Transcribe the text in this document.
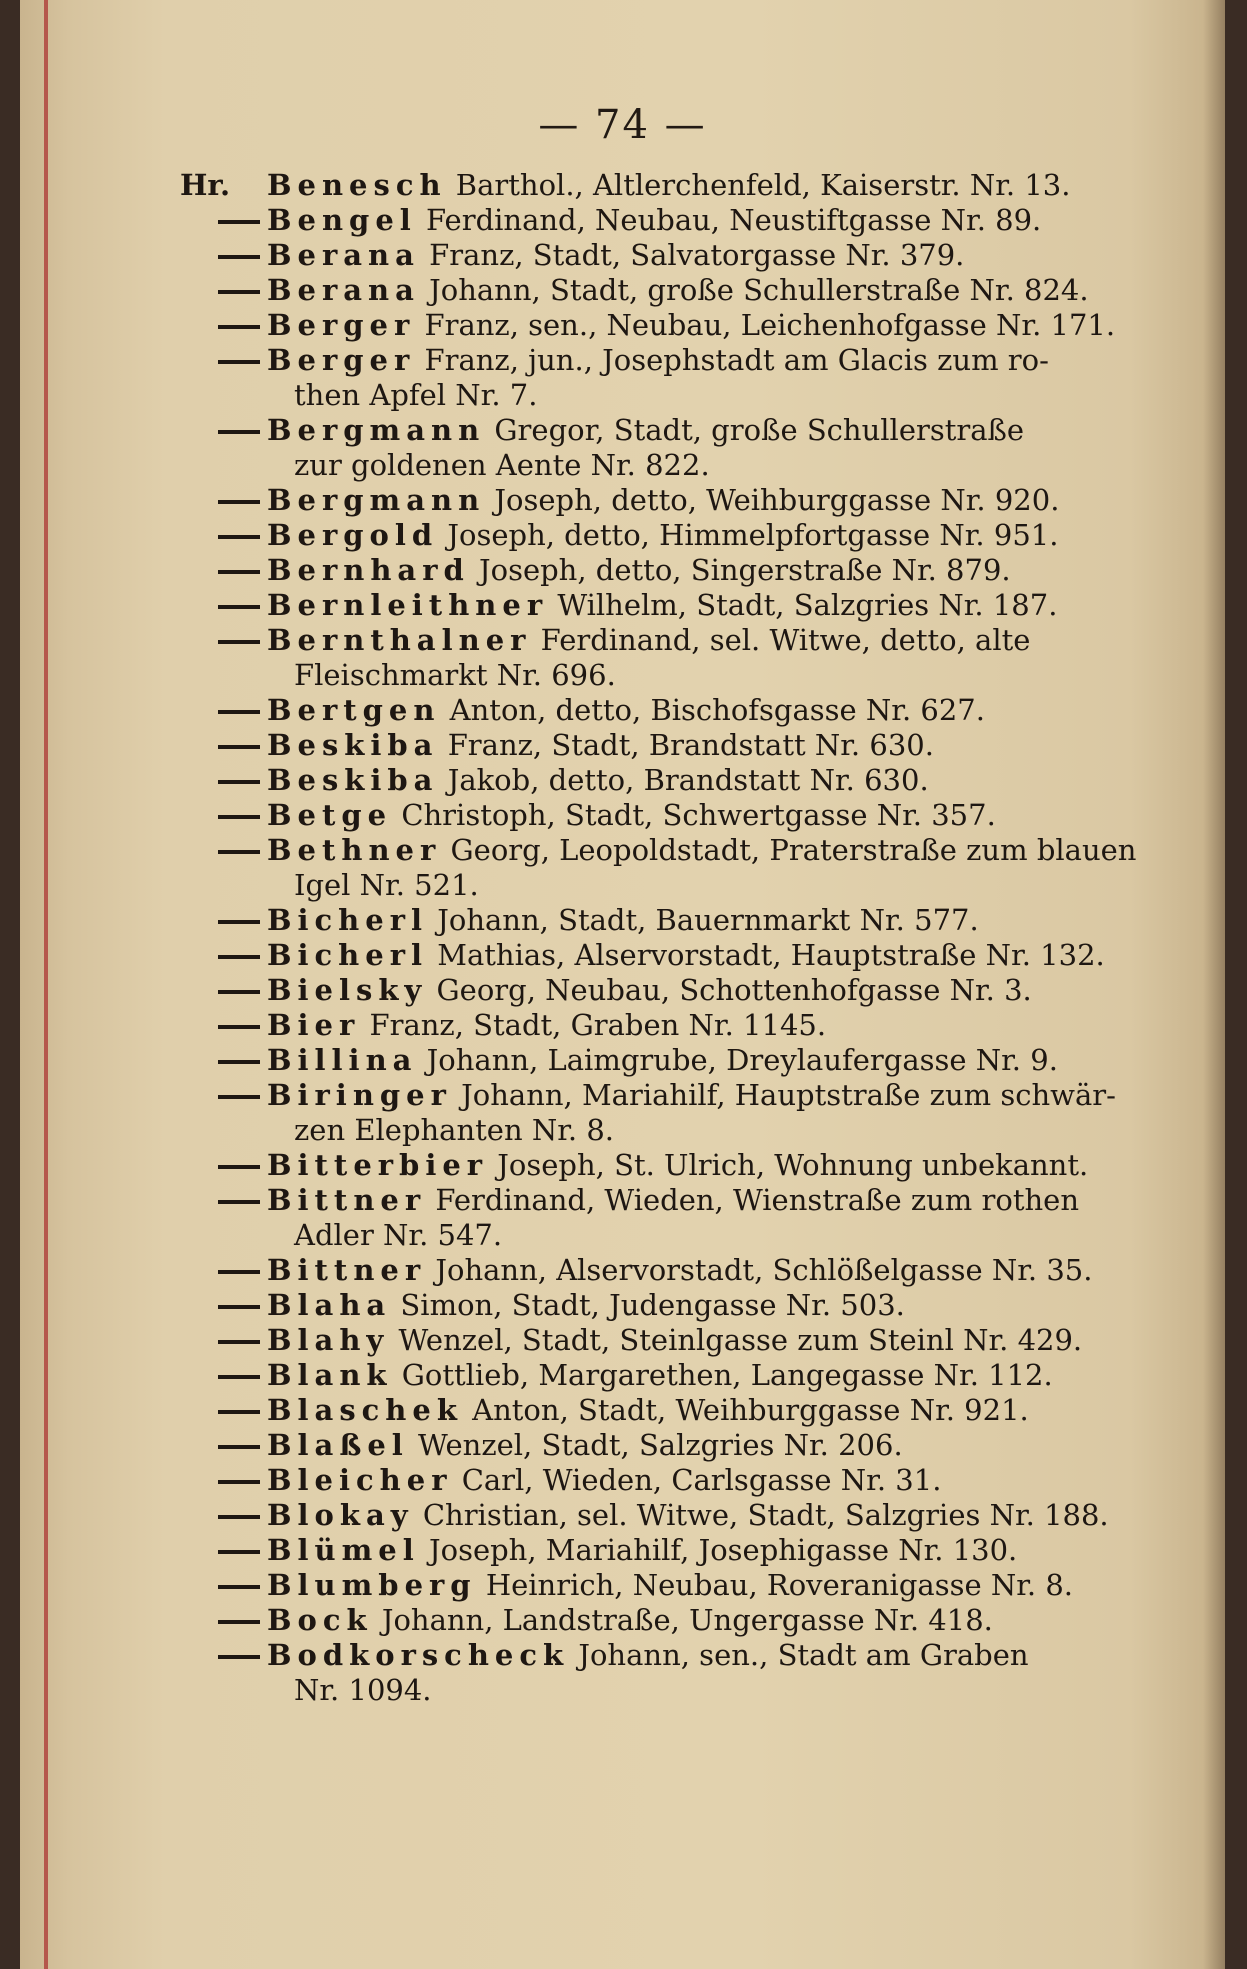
— 74 —
Hr.	Benesch Barthol., Altlerchenfeld, Kaiserstr. Nr. 13.
Bengel Ferdinand, Neubau, Neustiftgasse Nr. 89.
Berana Franz, Stadt, Salvatorgasse Nr. 379.
Berana Johann, Stadt, große Schullerstraße Nr. 824.
Berger Franz, sen., Neubau, Leichenhofgasse Nr. 171.
Berger Franz, jun., Josephstadt am Glacis zum ro-
then Apfel Nr. 7.
Bergmann Gregor, Stadt, große Schullerstraße
zur goldenen Aente Nr. 822.
Bergmann Joseph, detto, Weihburggasse Nr. 920.
Bergold Joseph, detto, Himmelpfortgasse Nr. 951.
Bernhard Joseph, detto, Singerstraße Nr. 879.
Bernleithner Wilhelm, Stadt, Salzgries Nr. 187.
Bernthalner Ferdinand, sel. Witwe, detto, alte
Fleischmarkt Nr. 696.
Bertgen Anton, detto, Bischofsgasse Nr. 627.
Beskiba Franz, Stadt, Brandstatt Nr. 630.
Beskiba Jakob, detto, Brandstatt Nr. 630.
Betge Christoph, Stadt, Schwertgasse Nr. 357.
Bethner Georg, Leopoldstadt, Praterstraße zum blauen
Igel Nr. 521.
Bicherl Johann, Stadt, Bauernmarkt Nr. 577.
Bicherl Mathias, Alservorstadt, Hauptstraße Nr. 132.
Bielsky Georg, Neubau, Schottenhofgasse Nr. 3.
Bier Franz, Stadt, Graben Nr. 1145.
Billina Johann, Laimgrube, Dreylaufergasse Nr. 9.
Biringer Johann, Mariahilf, Hauptstraße zum schwär-
zen Elephanten Nr. 8.
Bitterbier Joseph, St. Ulrich, Wohnung unbekannt.
Bittner Ferdinand, Wieden, Wienstraße zum rothen
Adler Nr. 547.
Bittner Johann, Alservorstadt, Schlößelgasse Nr. 35.
Blaha Simon, Stadt, Judengasse Nr. 503.
Blahy Wenzel, Stadt, Steinlgasse zum Steinl Nr. 429.
Blank Gottlieb, Margarethen, Langegasse Nr. 112.
Blaschek Anton, Stadt, Weihburggasse Nr. 921.
Blaßel Wenzel, Stadt, Salzgries Nr. 206.
Bleicher Carl, Wieden, Carlsgasse Nr. 31.
Blokay Christian, sel. Witwe, Stadt, Salzgries Nr. 188.
Blümel Joseph, Mariahilf, Josephigasse Nr. 130.
Blumberg Heinrich, Neubau, Roveranigasse Nr. 8.
Bock Johann, Landstraße, Ungergasse Nr. 418.
Bodkorscheck Johann, sen., Stadt am Graben
Nr. 1094.
